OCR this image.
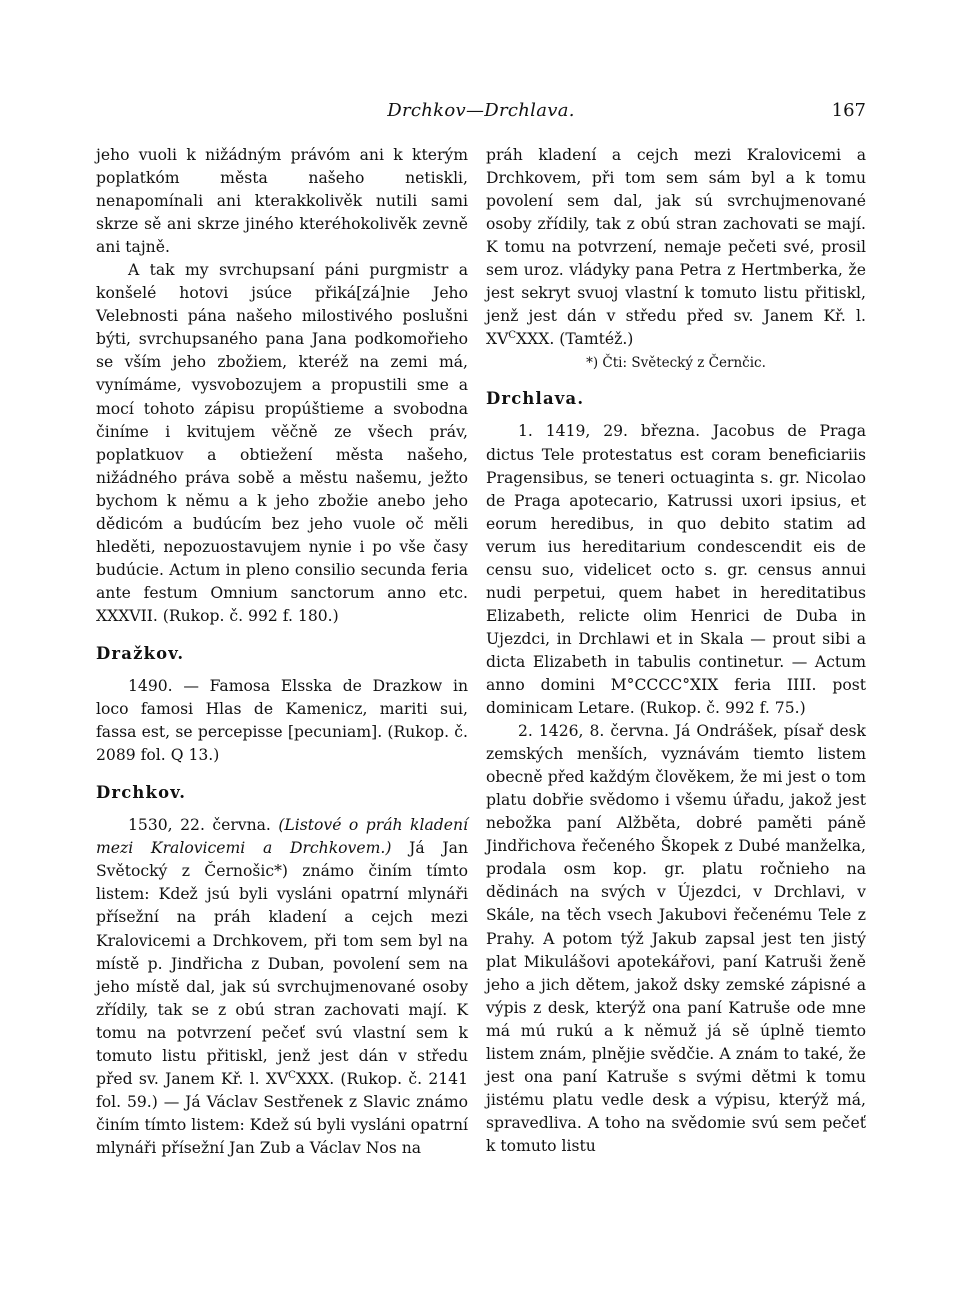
Drchkov—Drchlava.	167

jeho vuoli k nižádným právóm ani k kterým poplatkóm města našeho netiskli, nenapomínali ani kterakkolivěk nutili sami skrze sě ani skrze jiného kteréhokolivěk zevně ani tajně.

A tak my svrchupsaní páni purgmistr a konšelé hotovi jsúce přiká[zá]nie Jeho Velebnosti pána našeho milostivého poslušni býti, svrchupsaného pana Jana podkomořieho se vším jeho zbožiem, kteréž na zemi má, vynímáme, vysvobozujem a propustili sme a mocí tohoto zápisu propúštieme a svobodna činíme i kvitujem věčně ze všech práv, poplatkuov a obtiežení města našeho, nižádného práva sobě a městu našemu, ježto bychom k němu a k jeho zbožie anebo jeho dědicóm a budúcím bez jeho vuole oč měli hleděti, nepozuostavujem nynie i po vše časy budúcie. Actum in pleno consilio secunda feria ante festum Omnium sanctorum anno etc. XXXVII. (Rukop. č. 992 f. 180.)

Dražkov.

1490. — Famosa Elsska de Drazkow in loco famosi Hlas de Kamenicz, mariti sui, fassa est, se percepisse [pecuniam]. (Rukop. č. 2089 fol. Q 13.)

Drchkov.

1530, 22. června. (Listové o práh kladení mezi Kralovicemi a Drchkovem.) Já Jan Světocký z Černošic*) známo činím tímto listem: Kdež jsú byli vysláni opatrní mlynáři přísežní na práh kladení a cejch mezi Kralovicemi a Drchkovem, při tom sem byl na místě p. Jindřicha z Duban, povolení sem na jeho místě dal, jak sú svrchujmenované osoby zřídily, tak se z obú stran zachovati mají. K tomu na potvrzení pečeť svú vlastní sem k tomuto listu přitiskl, jenž jest dán v středu před sv. Janem Kř. l. $XV^CXXX$. (Rukop. č. 2141 fol. 59.) — Já Václav Sestřenek z Slavic známo činím tímto listem: Kdež sú byli vysláni opatrní mlynáři přísežní Jan Zub a Václav Nos na

práh kladení a cejch mezi Kralovicemi a Drchkovem, při tom sem sám byl a k tomu povolení sem dal, jak sú svrchujmenované osoby zřídily, tak z obú stran zachovati se mají. K tomu na potvrzení, nemaje pečeti své, prosil sem uroz. vládyky pana Petra z Hertmberka, že jest sekryt svuoj vlastní k tomuto listu přitiskl, jenž jest dán v středu před sv. Janem Kř. l. $XV^CXXX$. (Tamtéž.)

*) Čti: Světecký z Černčic.
Drchlava.

1. 1419, 29. března. Jacobus de Praga dictus Tele protestatus est coram beneficiariis Pragensibus, se teneri octuaginta s. gr. Nicolao de Praga apotecario, Katrussi uxori ipsius, et eorum heredibus, in quo debito statim ad verum ius hereditarium condescendit eis de censu suo, videlicet octo s. gr. census annui nudi perpetui, quem habet in hereditatibus Elizabeth, relicte olim Henrici de Duba in Ujezdci, in Drchlawi et in Skala — prout sibi a dicta Elizabeth in tabulis continetur. — Actum anno domini M°CCCC°XIX feria IIII. post dominicam Letare. (Rukop. č. 992 f. 75.)

2. 1426, 8. června. Já Ondrášek, písař desk zemských menších, vyznávám tiemto listem obecně před každým člověkem, že mi jest o tom platu dobřie svědomo i všemu úřadu, jakož jest nebožka paní Alžběta, dobré paměti páně Jindřichova řečeného Škopek z Dubé manželka, prodala osm kop. gr. platu ročnieho na dědinách na svých v Újezdci, v Drchlavi, v Skále, na těch vsech Jakubovi řečenému Tele z Prahy. A potom týž Jakub zapsal jest ten jistý plat Mikulášovi apotekářovi, paní Katruši ženě jeho a jich dětem, jakož dsky zemské zápisné a výpis z desk, kterýž ona paní Katruše ode mne má mú rukú a k němuž já sě úplně tiemto listem znám, plnějie svědčie. A znám to také, že jest ona paní Katruše s svými dětmi k tomu jistému platu vedle desk a výpisu, kterýž má, spravedliva. A toho na svědomie svú sem pečeť k tomuto listu
